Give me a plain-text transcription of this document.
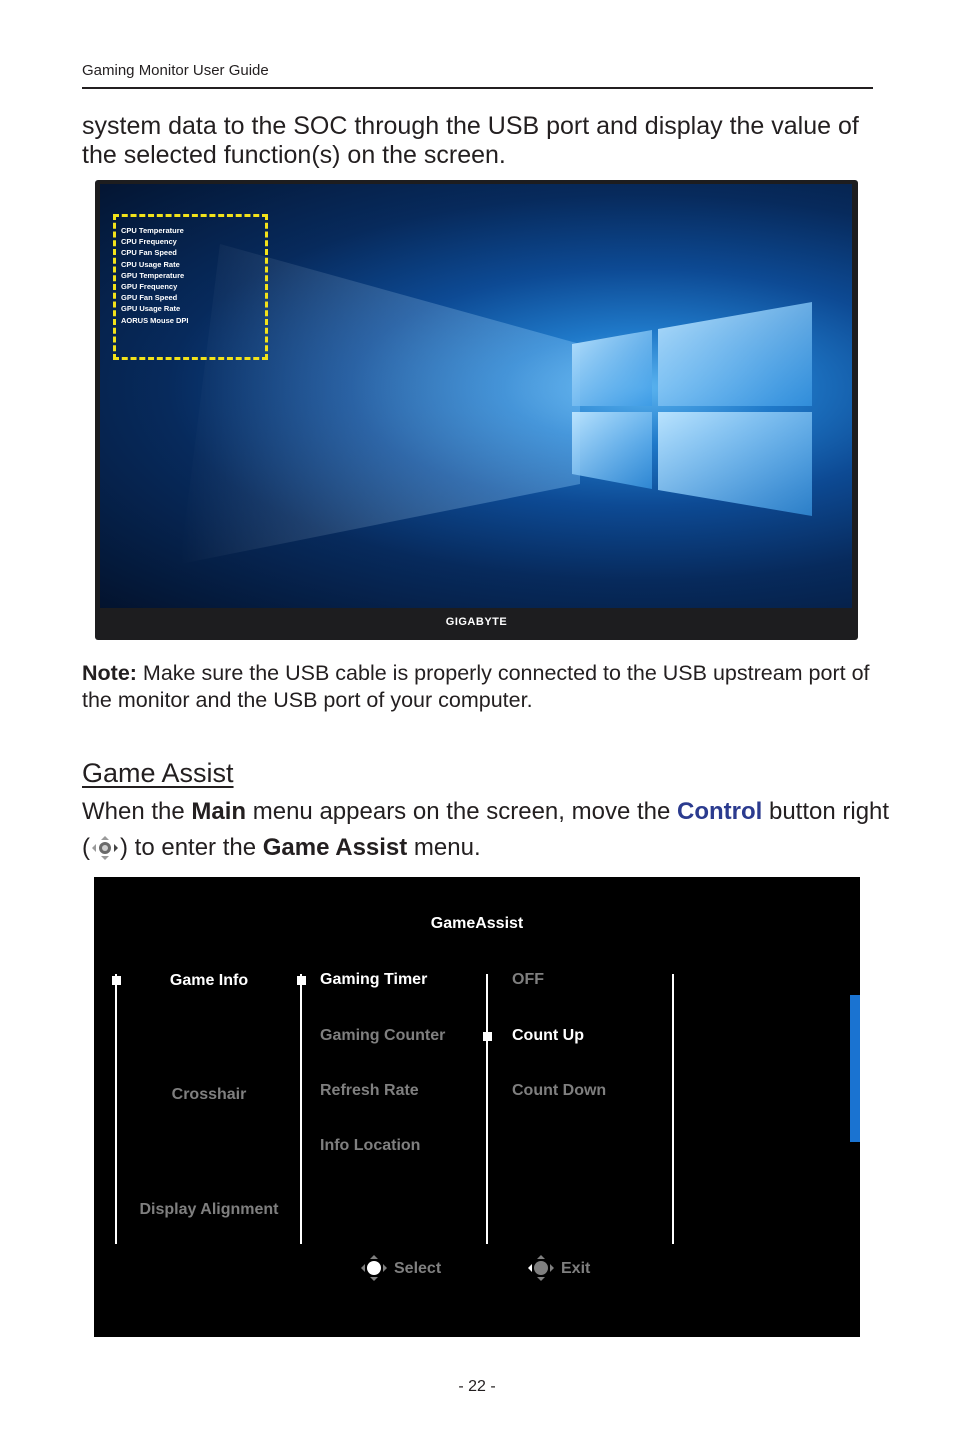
Gaming Monitor User Guide
system data to the SOC through the USB port and display the value of the selected function(s) on the screen.
CPU Temperature
CPU Frequency
CPU Fan Speed
CPU Usage Rate
GPU Temperature
GPU Frequency
GPU Fan Speed
GPU Usage Rate
AORUS Mouse DPI
GIGABYTE
Note: Make sure the USB cable is properly connected to the USB upstream port of the monitor and the USB port of your computer.
Game Assist
When the Main menu appears on the screen, move the Control button right ( ) to enter the Game Assist menu.
GameAssist
Game Info
Crosshair
Display Alignment
Gaming Timer
Gaming Counter
Refresh Rate
Info Location
OFF
Count Up
Count Down
Select	Exit
- 22 -
